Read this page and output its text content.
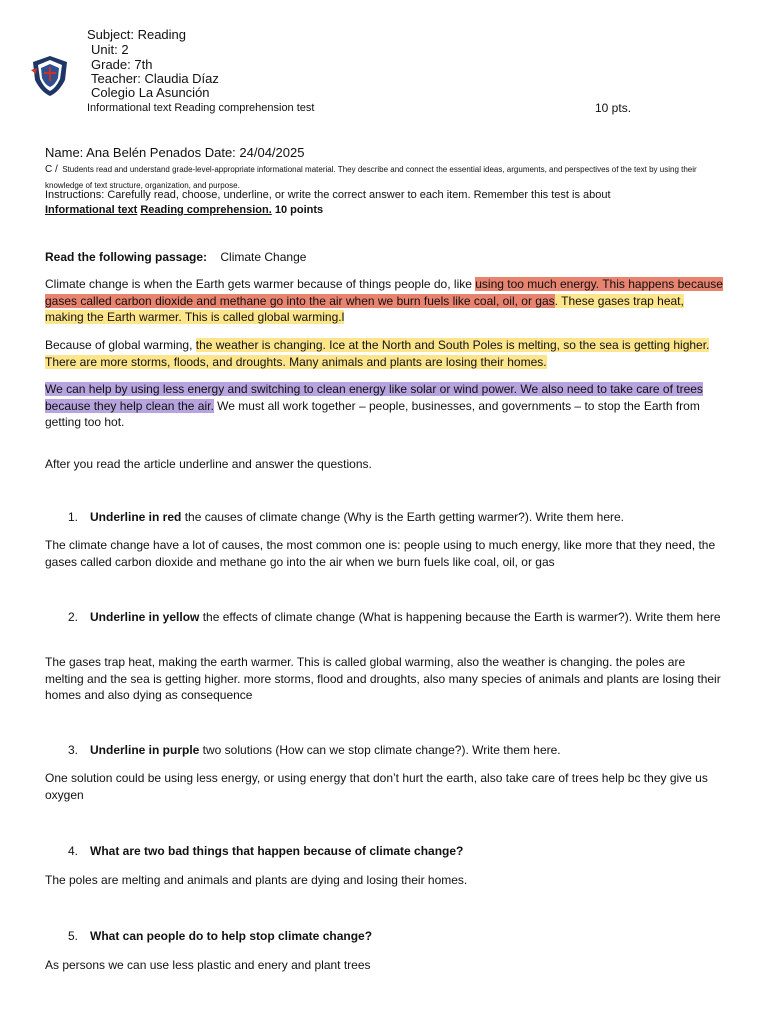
Subject: Reading
Unit: 2
Grade: 7th
Teacher: Claudia Díaz
Colegio La Asunción
Informational text Reading comprehension test	10 pts.
Name: Ana Belén Penados Date: 24/04/2025
C / Students read and understand grade-level-appropriate informational material. They describe and connect the essential ideas, arguments, and perspectives of the text by using their knowledge of text structure, organization, and purpose.
Instructions: Carefully read, choose, underline, or write the correct answer to each item. Remember this test is about
Informational text Reading comprehension. 10 points
Read the following passage: Climate Change
Climate change is when the Earth gets warmer because of things people do, like using too much energy. This happens because gases called carbon dioxide and methane go into the air when we burn fuels like coal, oil, or gas. These gases trap heat, making the Earth warmer. This is called global warming.l
Because of global warming, the weather is changing. Ice at the North and South Poles is melting, so the sea is getting higher. There are more storms, floods, and droughts. Many animals and plants are losing their homes.
We can help by using less energy and switching to clean energy like solar or wind power. We also need to take care of trees because they help clean the air. We must all work together – people, businesses, and governments – to stop the Earth from getting too hot.
After you read the article underline and answer the questions.
1. Underline in red the causes of climate change (Why is the Earth getting warmer?). Write them here.
The climate change have a lot of causes, the most common one is: people using to much energy, like more that they need, the gases called carbon dioxide and methane go into the air when we burn fuels like coal, oil, or gas
2. Underline in yellow the effects of climate change (What is happening because the Earth is warmer?). Write them here
The gases trap heat, making the earth warmer. This is called global warming, also the weather is changing. the poles are melting and the sea is getting higher. more storms, flood and droughts, also many species of animals and plants are losing their homes and also dying as consequence
3. Underline in purple two solutions (How can we stop climate change?). Write them here.
One solution could be using less energy, or using energy that don’t hurt the earth, also take care of trees help bc they give us oxygen
4. What are two bad things that happen because of climate change?
The poles are melting and animals and plants are dying and losing their homes.
5. What can people do to help stop climate change?
As persons we can use less plastic and enery and plant trees
